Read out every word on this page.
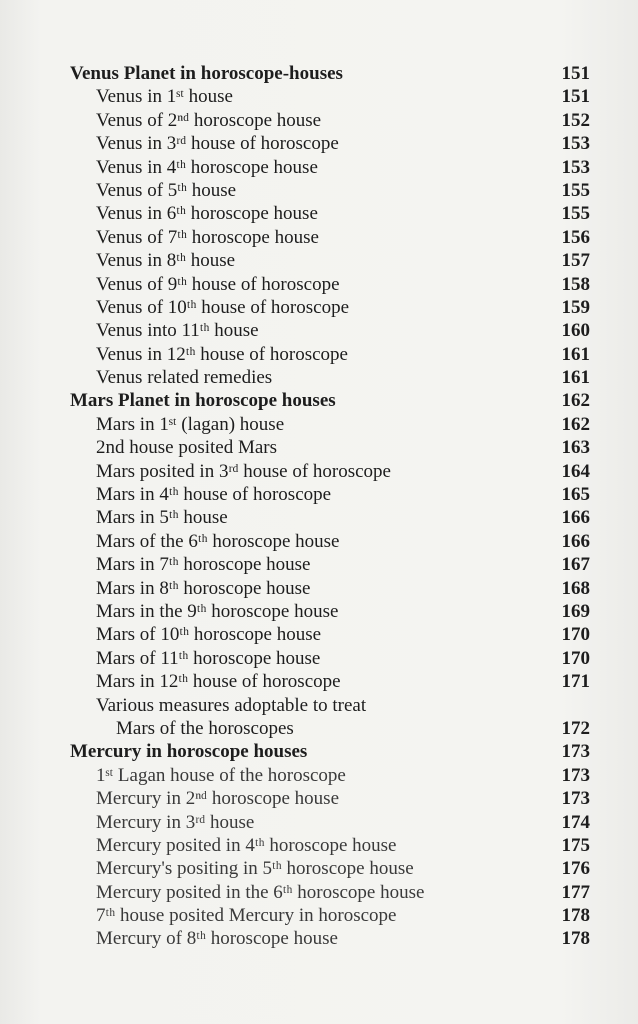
Venus Planet in horoscope-houses	151
Venus in 1ˢᵗ house	151
Venus of 2ⁿᵈ horoscope house	152
Venus in 3ʳᵈ house of horoscope	153
Venus in 4ᵗʰ horoscope house	153
Venus of 5ᵗʰ house	155
Venus in 6ᵗʰ horoscope house	155
Venus of 7ᵗʰ horoscope house	156
Venus in 8ᵗʰ house	157
Venus of 9ᵗʰ house of horoscope	158
Venus of 10ᵗʰ house of horoscope	159
Venus into 11ᵗʰ house	160
Venus in 12ᵗʰ house of horoscope	161
Venus related remedies	161
Mars Planet in horoscope houses	162
Mars in 1ˢᵗ (lagan) house	162
2nd house posited Mars	163
Mars posited in 3ʳᵈ house of horoscope	164
Mars in 4ᵗʰ house of horoscope	165
Mars in 5ᵗʰ house	166
Mars of the 6ᵗʰ horoscope house	166
Mars in 7ᵗʰ horoscope house	167
Mars in 8ᵗʰ horoscope house	168
Mars in the 9ᵗʰ horoscope house	169
Mars of 10ᵗʰ horoscope house	170
Mars of 11ᵗʰ horoscope house	170
Mars in 12ᵗʰ house of horoscope	171
Various measures adoptable to treat
Mars of the horoscopes	172
Mercury in horoscope houses	173
1ˢᵗ Lagan house of the horoscope	173
Mercury in 2ⁿᵈ horoscope house	173
Mercury in 3ʳᵈ house	174
Mercury posited in 4ᵗʰ horoscope house	175
Mercury's positing in 5ᵗʰ horoscope house	176
Mercury posited in the 6ᵗʰ horoscope house	177
7ᵗʰ house posited Mercury in horoscope	178
Mercury of 8ᵗʰ horoscope house	178
